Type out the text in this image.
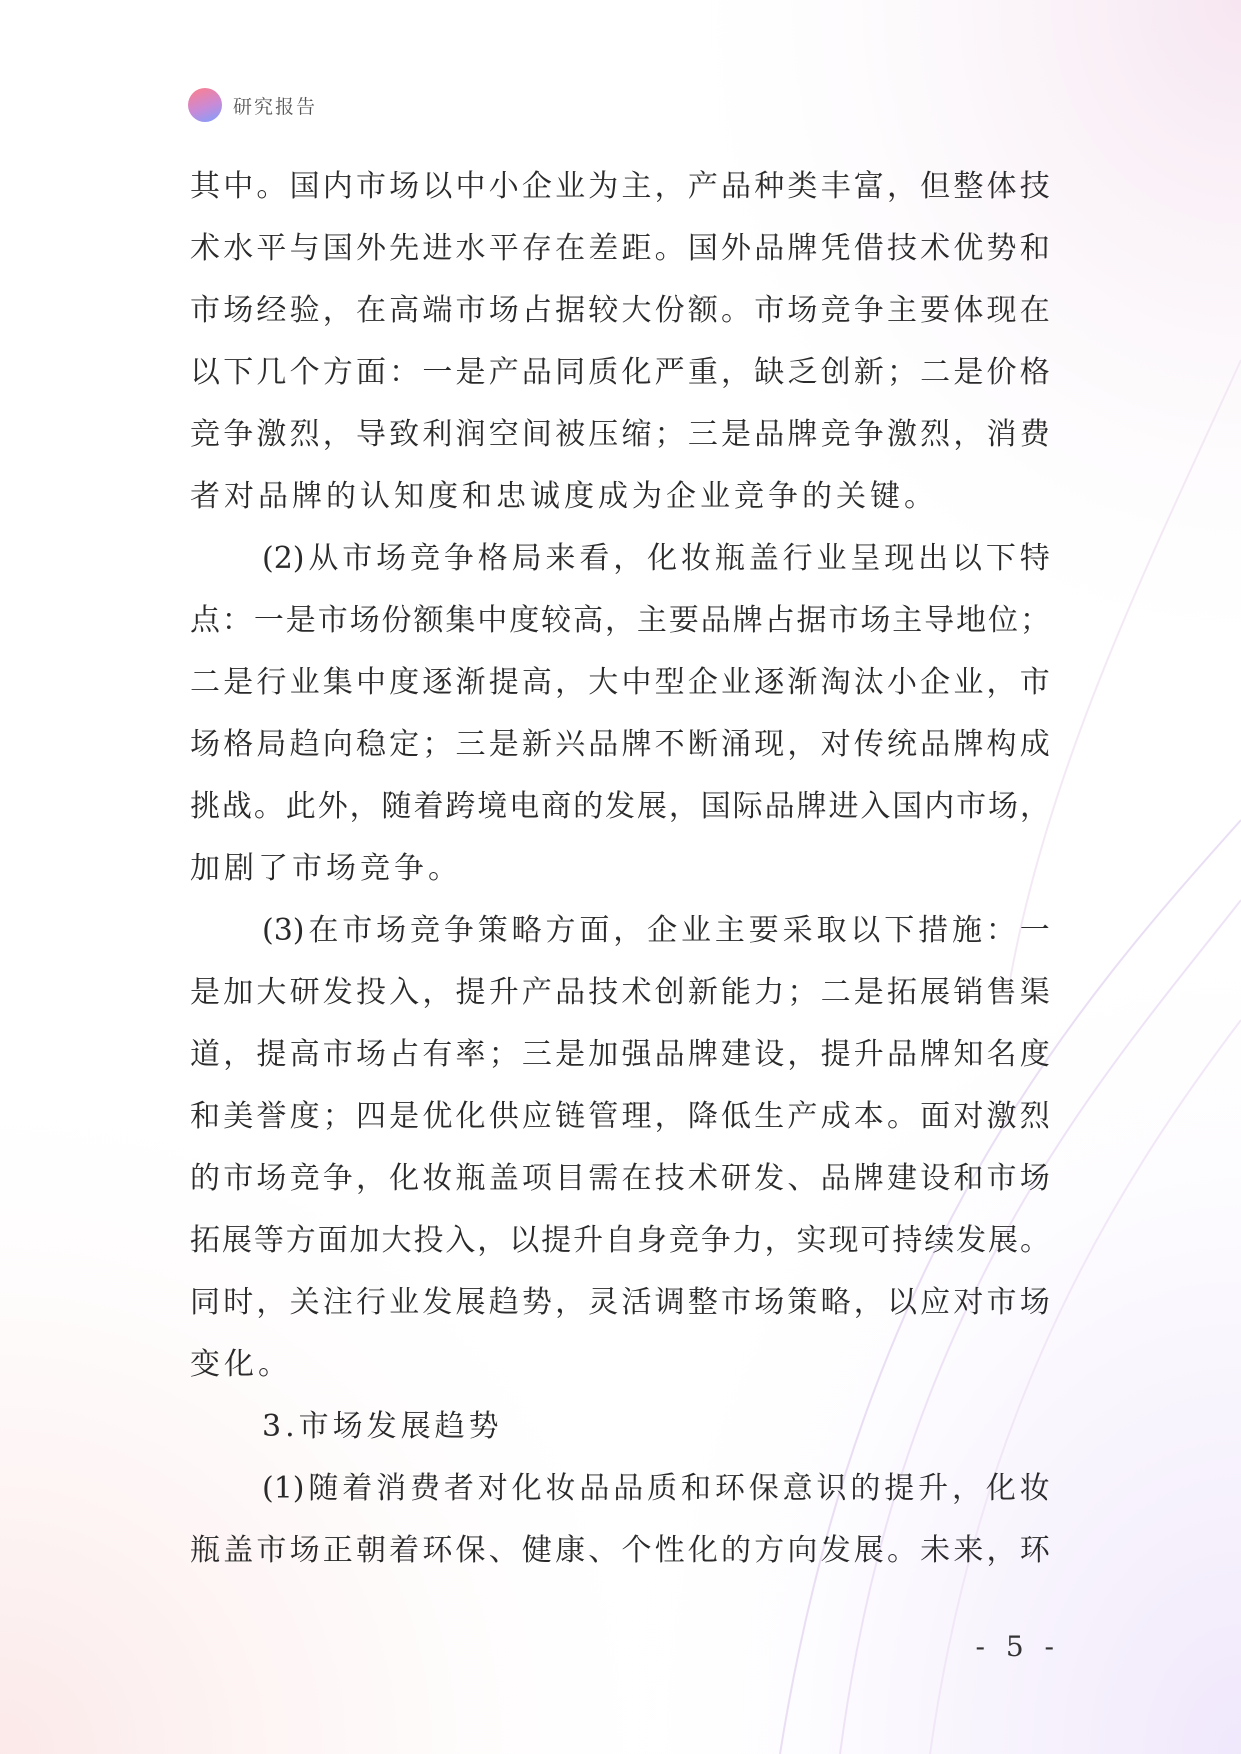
研究报告
其 中 。 国 内 市 场 以 中 小 企 业 为 主 ， 产 品 种 类 丰 富 ， 但 整 体 技
术 水 平 与 国 外 先 进 水 平 存 在 差 距 。 国 外 品 牌 凭 借 技 术 优 势 和
市 场 经 验 ， 在 高 端 市 场 占 据 较 大 份 额 。 市 场 竞 争 主 要 体 现 在
以 下 几 个 方 面 ： 一 是 产 品 同 质 化 严 重 ， 缺 乏 创 新 ； 二 是 价 格
竞 争 激 烈 ， 导 致 利 润 空 间 被 压 缩 ； 三 是 品 牌 竞 争 激 烈 ， 消 费
者对品牌的认知度和忠诚度成为企业竞争的关键。
(2) 从 市 场 竞 争 格 局 来 看 ， 化 妆 瓶 盖 行 业 呈 现 出 以 下 特
点 ： 一 是 市 场 份 额 集 中 度 较 高 ， 主 要 品 牌 占 据 市 场 主 导 地 位 ；
二 是 行 业 集 中 度 逐 渐 提 高 ， 大 中 型 企 业 逐 渐 淘 汰 小 企 业 ， 市
场 格 局 趋 向 稳 定 ； 三 是 新 兴 品 牌 不 断 涌 现 ， 对 传 统 品 牌 构 成
挑 战 。 此 外 ， 随 着 跨 境 电 商 的 发 展 ， 国 际 品 牌 进 入 国 内 市 场 ，
加剧了市场竞争。
(3) 在 市 场 竞 争 策 略 方 面 ， 企 业 主 要 采 取 以 下 措 施 ： 一
是 加 大 研 发 投 入 ， 提 升 产 品 技 术 创 新 能 力 ； 二 是 拓 展 销 售 渠
道 ， 提 高 市 场 占 有 率 ； 三 是 加 强 品 牌 建 设 ， 提 升 品 牌 知 名 度
和 美 誉 度 ； 四 是 优 化 供 应 链 管 理 ， 降 低 生 产 成 本 。 面 对 激 烈
的 市 场 竞 争 ， 化 妆 瓶 盖 项 目 需 在 技 术 研 发 、 品 牌 建 设 和 市 场
拓 展 等 方 面 加 大 投 入 ， 以 提 升 自 身 竞 争 力 ， 实 现 可 持 续 发 展 。
同 时 ， 关 注 行 业 发 展 趋 势 ， 灵 活 调 整 市 场 策 略 ， 以 应 对 市 场
变化。
3.市场发展趋势
(1) 随 着 消 费 者 对 化 妆 品 品 质 和 环 保 意 识 的 提 升 ， 化 妆
瓶 盖 市 场 正 朝 着 环 保 、 健 康 、 个 性 化 的 方 向 发 展 。 未 来 ， 环
- 5 -
